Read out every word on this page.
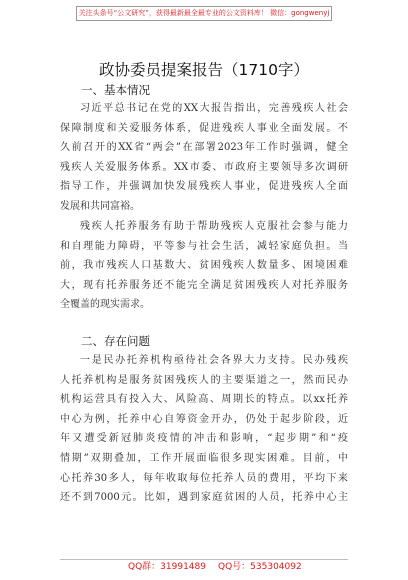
关注头条号“公文研究”，获得最新最全最专业的公文资料库！ 微信：gongwenyj
政协委员提案报告（1710字）
一、基本情况
习近平总书记在党的XX大报告指出，完善残疾人社会
保障制度和关爱服务体系，促进残疾人事业全面发展。不
久前召开的XX省“两会”在部署2023年工作时强调，健全
残疾人关爱服务体系。XX市委、市政府主要领导多次调研
指导工作，并强调加快发展残疾人事业，促进残疾人全面
发展和共同富裕。
残疾人托养服务有助于帮助残疾人克服社会参与能力
和自理能力障碍，平等参与社会生活，减轻家庭负担。当
前，我市残疾人口基数大、贫困残疾人数量多、困境困难
大，现有托养服务还不能完全满足贫困残疾人对托养服务
全覆盖的现实需求。
二、存在问题
一是民办托养机构亟待社会各界大力支持。民办残疾
人托养机构是服务贫困残疾人的主要渠道之一，然而民办
机构运营具有投入大、风险高、周期长的特点。以xx托养
中心为例，托养中心自筹资金开办，仍处于起步阶段，近
年又遭受新冠肺炎疫情的冲击和影响，“起步期”和“疫
情期”双期叠加，工作开展面临很多现实困难。目前，中
心托养30多人，每年收取每位托养人员的费用，平均下来
还不到7000元。比如，遇到家庭贫困的人员，托养中心主
QQ群：31991489 QQ号：535304092
